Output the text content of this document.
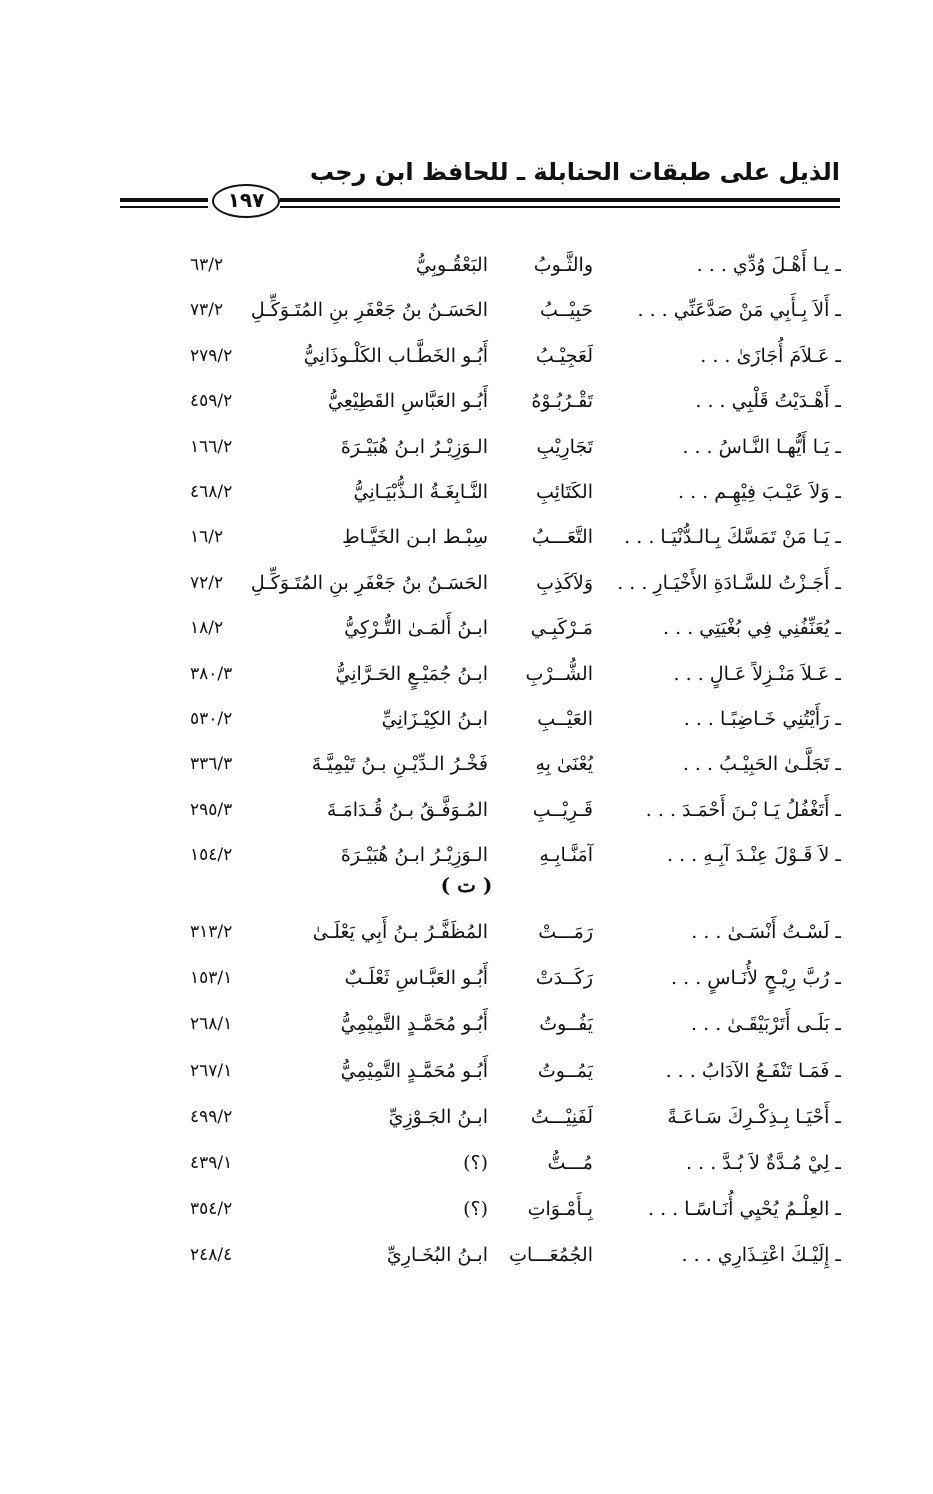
الذيل على طبقات الحنابلة ـ للحافظ ابن رجب
١٩٧
ـ يـا أَهْـلَ وُدِّي . . .
والثَّـوبُ
البَعْقُـوبِيُّ
٦٣/٢
ـ أَلاَ بِـأَبِي مَنْ صَدَّعَنِّي . . .
حَبِيْــبُ
الحَسَـنُ بنُ جَعْفَرِ بنِ المُتَـوَكِّـلِ
٧٣/٢
ـ عَـلاَمَ أُجَازَىٰ . . .
لَعَجِيْـبُ
أَبُـو الخَطَّـاب الكَلْـوذَانِيُّ
٢٧٩/٢
ـ أَهْـدَيْتُ قَلْبِي . . .
تَقْـرُبُـوْهُ
أَبُـو العَبَّاسِ القَطِيْعِيُّ
٤٥٩/٢
ـ يَـا أَيُّهـا النَّـاسُ . . .
تَجَارِيْبِ
الـوَزِيْـرُ ابـنُ هُبَيْـرَةَ
١٦٦/٢
ـ وَلاَ عَيْـبَ فِيْهِـم . . .
الكَتَائِبِ
النَّـابِغَـةُ الـذُّبْيَـانِيُّ
٤٦٨/٢
ـ يَـا مَنْ تَمَسَّكَ بِـالـدُّنْيَـا . . .
التَّعَـــبُ
سِبْـط ابـن الخَيَّـاطِ
١٦/٢
ـ أَجَـزْتُ للسَّـادَةِ الأَخْيَـارِ . . .
وَلاَكَذِبِ
الحَسَـنُ بنُ جَعْفَرِ بنِ المُتَـوَكِّـلِ
٧٢/٢
ـ يُعَنِّفُنِي فِي بُغْيَتِي . . .
مَـرْكَبِـي
ابـنُ أَلمَـىٰ التُّـرْكِيُّ
١٨/٢
ـ عَـلاَ مَنْـزِلاً عَـالٍ . . .
الشُّــرْبِ
ابـنُ جُمَيْـعٍ الحَـرَّانِيُّ
٣٨٠/٣
ـ رَأَيْتُنِي خَـاضِبًـا . . .
العَيْــبِ
ابـنُ الكِيْـزَانِيِّ
٥٣٠/٢
ـ تَجَلَّـىٰ الحَبِيْـبُ . . .
يُعْنَىٰ بِهِ
فَخْـرُ الـدِّيْـنِ بـنُ تَيْمِيَّـةَ
٣٣٦/٣
ـ أَتَغْفُلُ يَـا بْـنَ أَحْمَـدَ . . .
قَـرِيْــبِ
المُـوَفَّـقُ بـنُ قُـدَامَـةَ
٢٩٥/٣
ـ لاَ قَـوْلَ عِنْـدَ آبِـهِ . . .
آمَنَّـابِـهِ
الـوَزِيْـرُ ابـنُ هُبَيْـرَةَ
١٥٤/٢
( ت )
ـ لَسْـتُ أَنْسَـىٰ . . .
رَمَـــتْ
المُظَفَّـرُ بـنُ أَبِي يَعْلَـىٰ
٣١٣/٢
ـ رُبَّ رِيْـحٍ لأُنَـاسٍ . . .
رَكَــدَتْ
أَبُـو العَبَّـاسِ ثَعْلَـبٌ
١٥٣/١
ـ بَلَـى أَتَرْبَيْقَـىٰ . . .
يَفُــوتُ
أَبُـو مُحَمَّـدٍ التَّمِيْمِيُّ
٢٦٨/١
ـ فَمَـا تَنْفَـعُ الآدَابُ . . .
يَمُــوتُ
أَبُـو مُحَمَّـدٍ التَّمِيْمِيُّ
٢٦٧/١
ـ أَحْيَـا بِـذِكْـرِكَ سَـاعَـةً
لَفَنِيْـــتُ
ابـنُ الجَـوْزِيِّ
٤٩٩/٢
ـ لِيْ مُـدَّةٌ لاَ بُـدَّ . . .
مُـــتُّ
(؟)
٤٣٩/١
ـ العِلْـمُ يُحْيِي أُنَـاسًـا . . .
بِـأَمْـوَاتِ
(؟)
٣٥٤/٢
ـ إِلَيْـكَ اعْتِـذَارِي . . .
الجُمُعَـــاتِ
ابـنُ البُخَـارِيِّ
٢٤٨/٤
